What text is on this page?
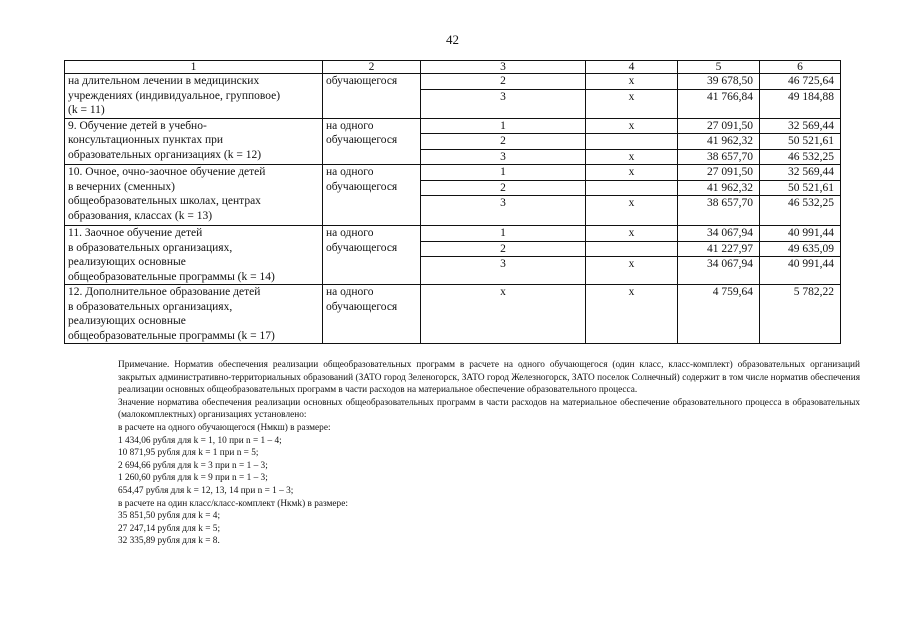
42
1	2	3	4	5	6
на длительном лечении в медицинских
учреждениях (индивидуальное, групповое)
(k = 11)	обучающегося	2	x	39 678,50	46 725,64
		3	x	41 766,84	49 184,88
9. Обучение детей в учебно-
консультационных пунктах при
образовательных организациях (k = 12)	на одного
обучающегося	1	x	27 091,50	32 569,44
		2		41 962,32	50 521,61
		3	x	38 657,70	46 532,25
10. Очное, очно-заочное обучение детей
в вечерних (сменных)
общеобразовательных школах, центрах
образования, классах (k = 13)	на одного
обучающегося	1	x	27 091,50	32 569,44
		2		41 962,32	50 521,61
		3	x	38 657,70	46 532,25
11. Заочное обучение детей
в образовательных организациях,
реализующих основные
общеобразовательные программы (k = 14)	на одного
обучающегося	1	x	34 067,94	40 991,44
		2		41 227,97	49 635,09
		3	x	34 067,94	40 991,44
12. Дополнительное образование детей
в образовательных организациях,
реализующих основные
общеобразовательные программы (k = 17)	на одного
обучающегося	x	x	4 759,64	5 782,22

Примечание. Норматив обеспечения реализации общеобразовательных программ в расчете на одного обучающегося (один класс, класс-комплект) образовательных организаций закрытых административно-территориальных образований (ЗАТО город Зеленогорск, ЗАТО город Железногорск, ЗАТО поселок Солнечный) содержит в том числе норматив обеспечения реализации основных общеобразовательных программ в части расходов на материальное обеспечение образовательного процесса.

Значение норматива обеспечения реализации основных общеобразовательных программ в части расходов на материальное обеспечение образовательного процесса в образовательных (малокомплектных) организациях установлено:

в расчете на одного обучающегося (Нмкш) в размере:

1 434,06 рубля для k = 1, 10 при n = 1 – 4;
10 871,95 рубля для k = 1 при n = 5;
2 694,66 рубля для k = 3 при n = 1 – 3;
1 260,60 рубля для k = 9 при n = 1 – 3;
654,47 рубля для k = 12, 13, 14 при n = 1 – 3;

в расчете на один класс/класс-комплект (Нкмk) в размере:

35 851,50 рубля для k = 4;
27 247,14 рубля для k = 5;
32 335,89 рубля для k = 8.
